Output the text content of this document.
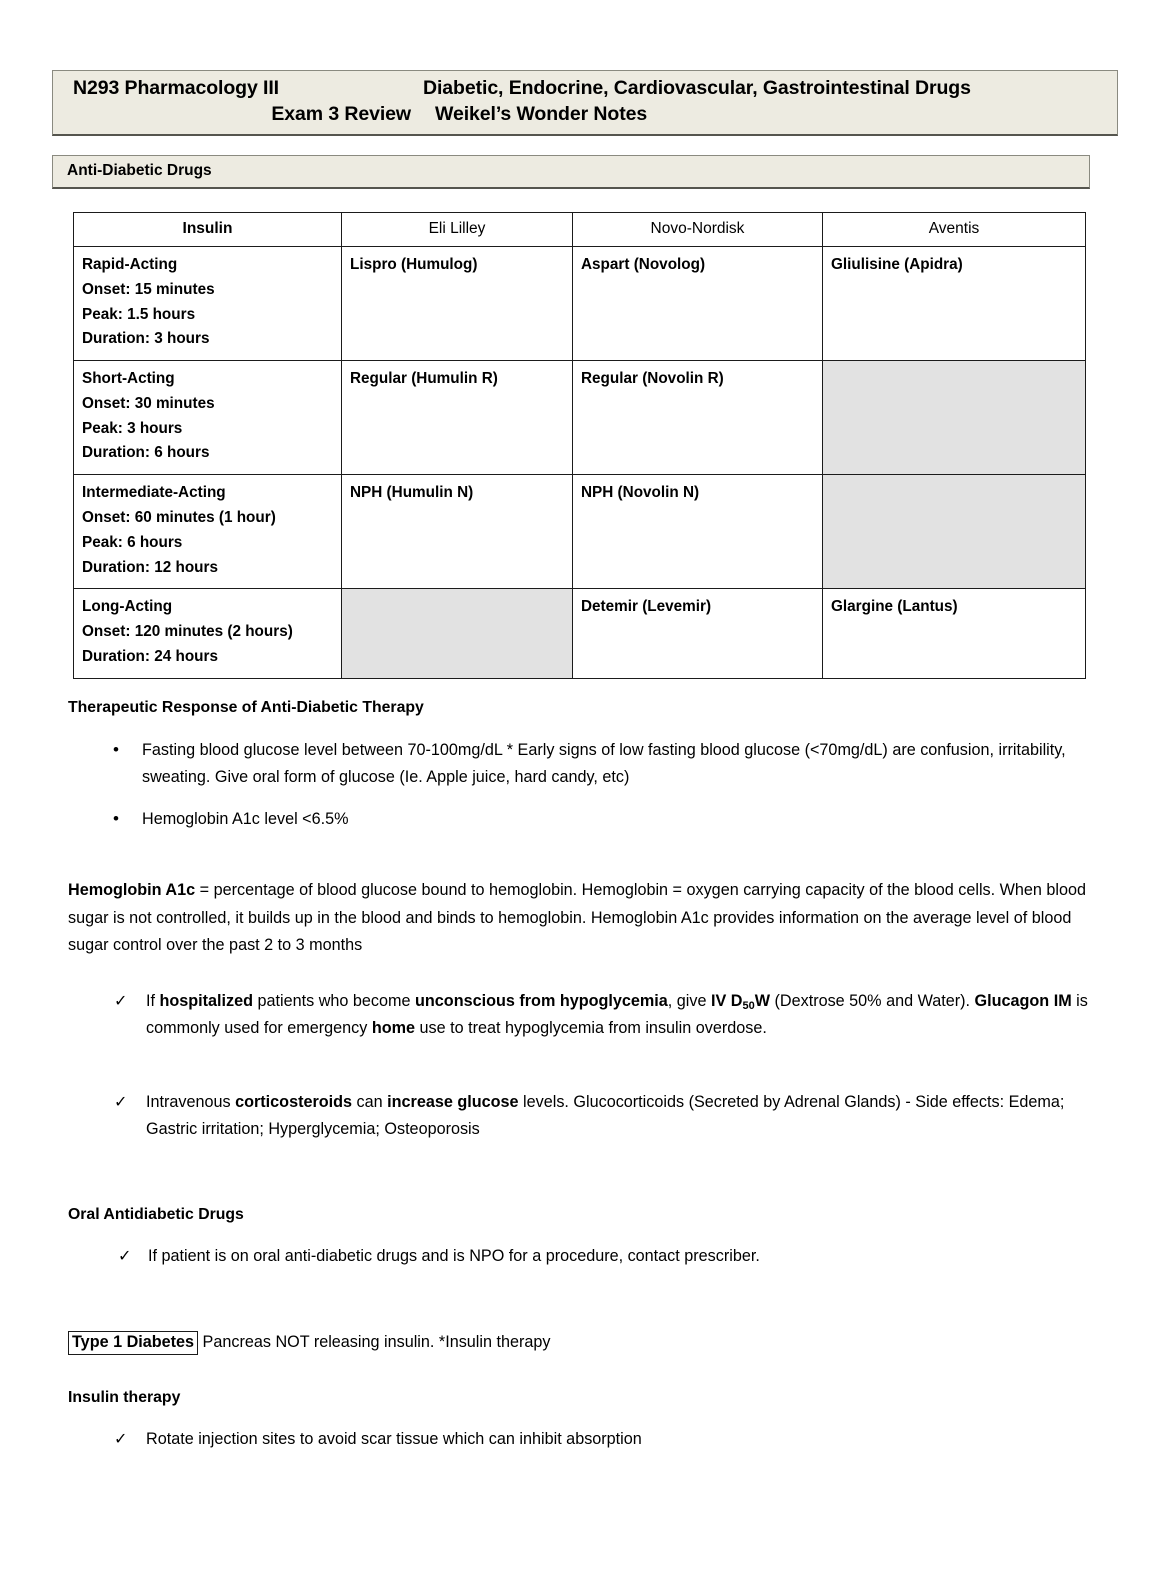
N293 Pharmacology III	Diabetic, Endocrine, Cardiovascular, Gastrointestinal Drugs
Exam 3 Review	Weikel’s Wonder Notes
Anti-Diabetic Drugs
Insulin	Eli Lilley	Novo-Nordisk	Aventis

Rapid-Acting
Onset: 15 minutes
Peak: 1.5 hours
Duration: 3 hours	Lispro (Humulog)	Aspart (Novolog)	Gliulisine (Apidra)

Short-Acting
Onset: 30 minutes
Peak: 3 hours
Duration: 6 hours	Regular (Humulin R)	Regular (Novolin R)	

Intermediate-Acting
Onset: 60 minutes (1 hour)
Peak: 6 hours
Duration: 12 hours	NPH (Humulin N)	NPH (Novolin N)	

Long-Acting
Onset: 120 minutes (2 hours)
Duration: 24 hours		Detemir (Levemir)	Glargine (Lantus)
Therapeutic Response of Anti-Diabetic Therapy
• Fasting blood glucose level between 70-100mg/dL * Early signs of low fasting blood glucose (<70mg/dL) are confusion, irritability, sweating. Give oral form of glucose (Ie. Apple juice, hard candy, etc)
• Hemoglobin A1c level <6.5%

Hemoglobin A1c = percentage of blood glucose bound to hemoglobin. Hemoglobin = oxygen carrying capacity of the blood cells. When blood sugar is not controlled, it builds up in the blood and binds to hemoglobin. Hemoglobin A1c provides information on the average level of blood sugar control over the past 2 to 3 months

✓ If hospitalized patients who become unconscious from hypoglycemia, give IV $D_{50}W$ (Dextrose 50% and Water). Glucagon IM is commonly used for emergency home use to treat hypoglycemia from insulin overdose.
✓ Intravenous corticosteroids can increase glucose levels. Glucocorticoids (Secreted by Adrenal Glands) - Side effects: Edema; Gastric irritation; Hyperglycemia; Osteoporosis
Oral Antidiabetic Drugs
✓ If patient is on oral anti-diabetic drugs and is NPO for a procedure, contact prescriber.

Type 1 Diabetes Pancreas NOT releasing insulin. *Insulin therapy

Insulin therapy
✓ Rotate injection sites to avoid scar tissue which can inhibit absorption
